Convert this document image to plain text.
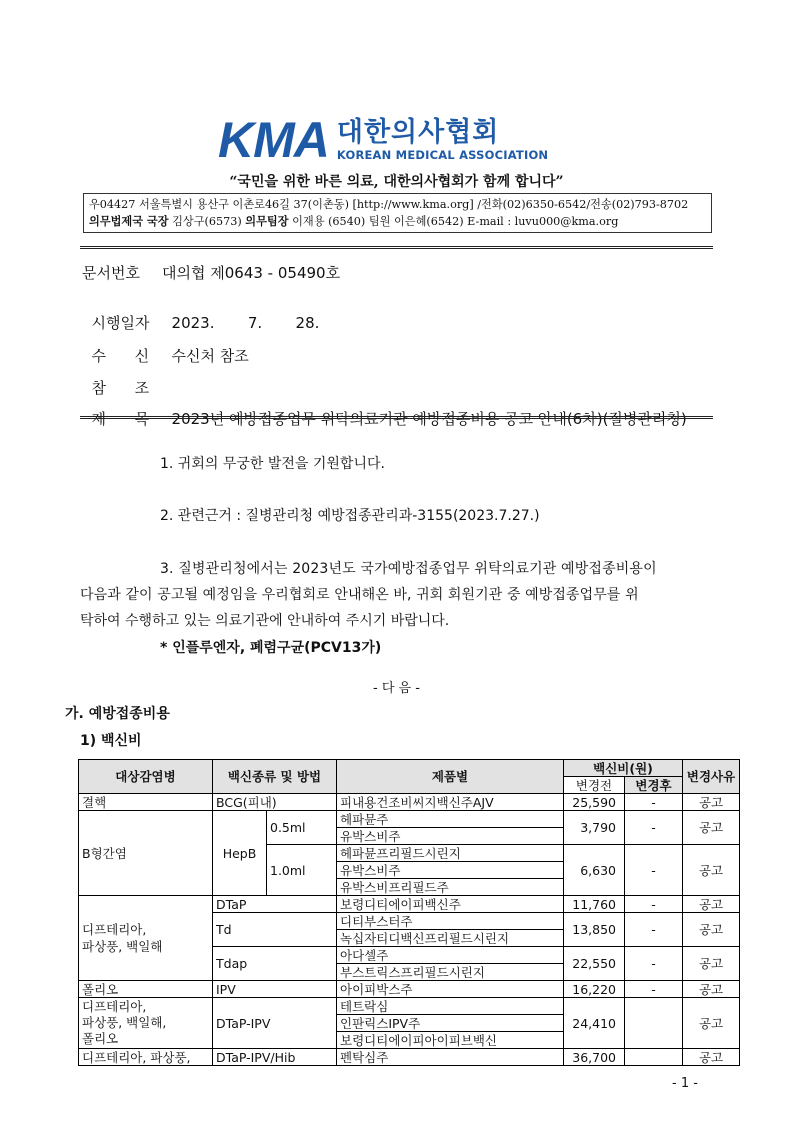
KMA 대한의사협회
KOREAN MEDICAL ASSOCIATION
“국민을 위한 바른 의료, 대한의사협회가 함께 합니다”
우04427 서울특별시 용산구 이촌로46길 37(이촌동) [http://www.kma.org] /전화(02)6350-6542/전송(02)793-8702
의무법제국 국장 김상구(6573) 의무팀장 이재용 (6540) 팀원 이은혜(6542) E-mail : luvu000@kma.org
문서번호 대의협 제0643 - 05490호

시행일자 2023.       7.       28.

수      신 수신처 참조

참      조

제      목 2023년 예방접종업무 위탁의료기관 예방접종비용 공고 안내(6차)(질병관리청)

1. 귀회의 무궁한 발전을 기원합니다.
2. 관련근거 : 질병관리청 예방접종관리과-3155(2023.7.27.)
3. 질병관리청에서는 2023년도 국가예방접종업무 위탁의료기관 예방접종비용이
다음과 같이 공고될 예정임을 우리협회로 안내해온 바, 귀회 회원기관 중 예방접종업무를 위
탁하여 수행하고 있는 의료기관에 안내하여 주시기 바랍니다.
* 인플루엔자, 폐렴구균(PCV13가)
- 다 음 -
가. 예방접종비용
1) 백신비
대상감염병	백신종류 및 방법		제품별	백신비(원)		변경사유
				변경전	변경후	
결핵	BCG(피내)		피내용건조비씨지백신주AJV	25,590	-	공고
B형간염	HepB	0.5ml	헤파뮨주	3,790	-	공고
			유박스비주			
		1.0ml	헤파뮨프리필드시린지	6,630	-	공고
			유박스비주			
			유박스비프리필드주			
디프테리아,
파상풍, 백일해	DTaP		보령디티에이피백신주	11,760	-	공고
	Td		디티부스터주	13,850	-	공고
			녹십자티디백신프리필드시린지			
	Tdap		아다셀주	22,550	-	공고
			부스트릭스프리필드시린지			
폴리오	IPV		아이피박스주	16,220	-	공고
디프테리아,
파상풍, 백일해,
폴리오	DTaP-IPV		테트락심	24,410		공고
			인판릭스IPV주			
			보령디티에이피아이피브백신			
디프테리아, 파상풍,	DTaP-IPV/Hib		펜탁심주	36,700		공고
- 1 -
